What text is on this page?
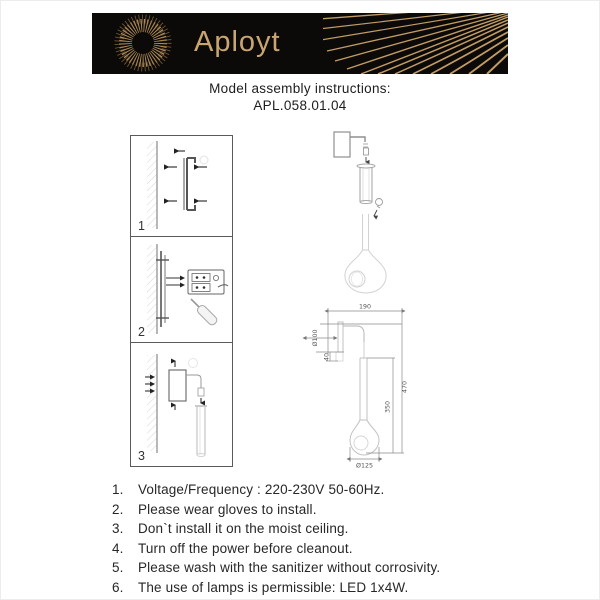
Aployt
Model assembly instructions:
APL.058.01.04
1
2
3
190
Ø100
40
470
350
Ø125
1.	Voltage/Frequency : 220-230V 50-60Hz.
2.	Please wear gloves to install.
3.	Don`t install it on the moist ceiling.
4.	Turn off the power before cleanout.
5.	Please wash with the sanitizer without corrosivity.
6.	The use of lamps is permissible: LED 1x4W.
